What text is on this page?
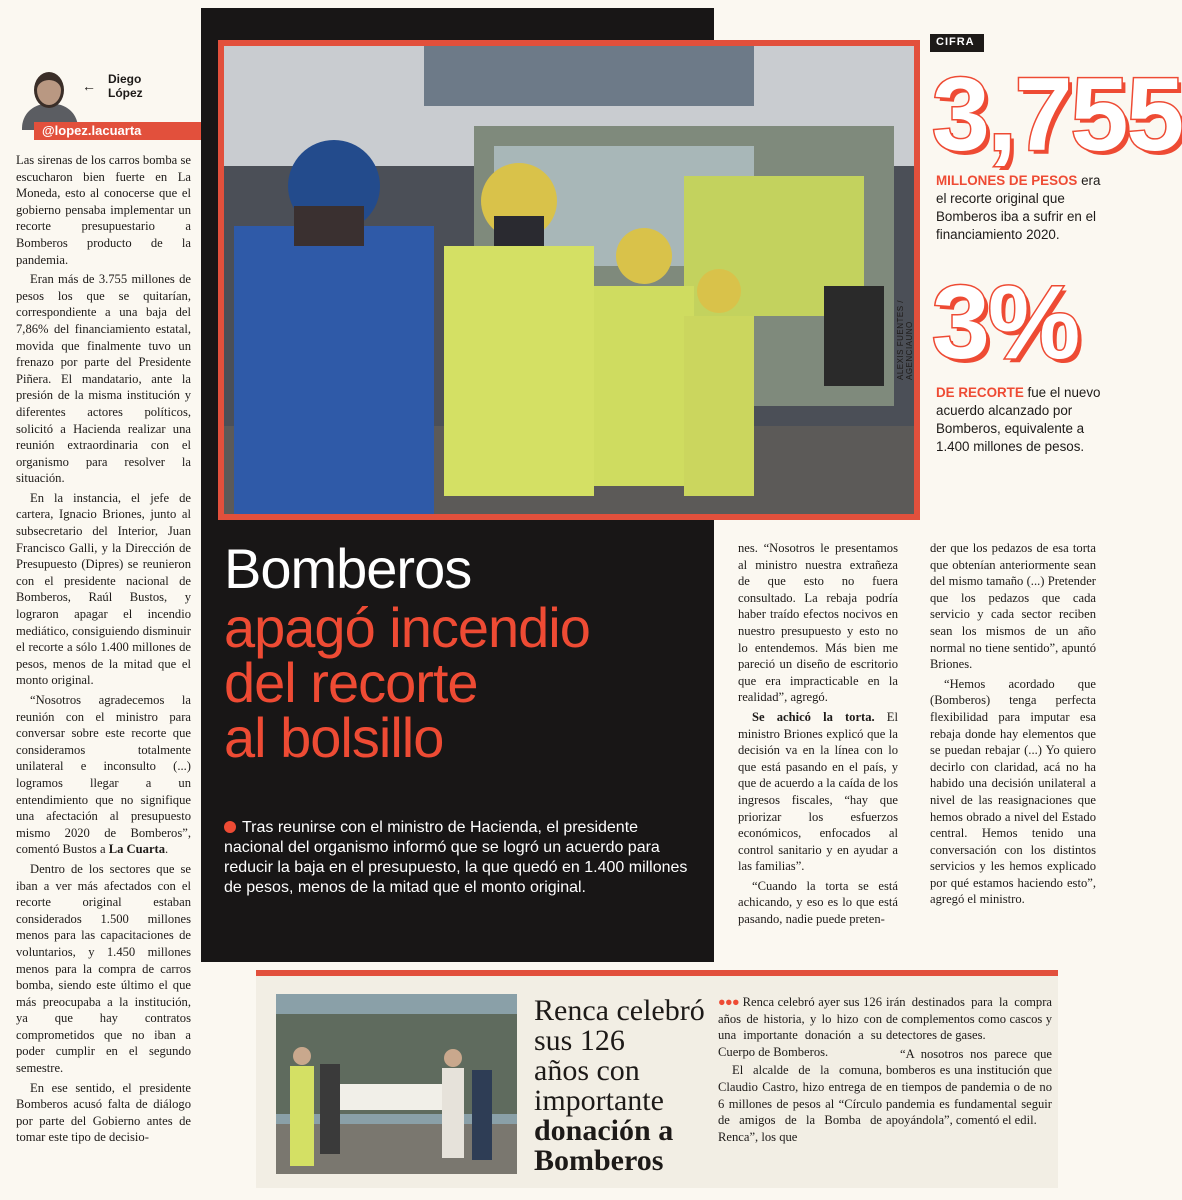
← Diego
López
@lopez.lacuarta

Las sirenas de los carros bomba se escucharon bien fuerte en La Moneda, esto al conocerse que el gobierno pensaba implementar un recorte presupuestario a Bomberos producto de la pandemia.

Eran más de 3.755 millones de pesos los que se quitarían, correspondiente a una baja del 7,86% del financiamiento estatal, movida que finalmente tuvo un frenazo por parte del Presidente Piñera. El mandatario, ante la presión de la misma institución y diferentes actores políticos, solicitó a Hacienda realizar una reunión extraordinaria con el organismo para resolver la situación.

En la instancia, el jefe de cartera, Ignacio Briones, junto al subsecretario del Interior, Juan Francisco Galli, y la Dirección de Presupuesto (Dipres) se reunieron con el presidente nacional de Bomberos, Raúl Bustos, y lograron apagar el incendio mediático, consiguiendo disminuir el recorte a sólo 1.400 millones de pesos, menos de la mitad que el monto original.

“Nosotros agradecemos la reunión con el ministro para conversar sobre este recorte que consideramos totalmente unilateral e inconsulto (...) logramos llegar a un entendimiento que no signifique una afectación al presupuesto mismo 2020 de Bomberos”, comentó Bustos a La Cuarta.

Dentro de los sectores que se iban a ver más afectados con el recorte original estaban considerados 1.500 millones menos para las capacitaciones de voluntarios, y 1.450 millones menos para la compra de carros bomba, siendo este último el que más preocupaba a la institución, ya que hay contratos comprometidos que no iban a poder cumplir en el segundo semestre.

En ese sentido, el presidente Bomberos acusó falta de diálogo por parte del Gobierno antes de tomar este tipo de decisio-

ALEXIS FUENTES / AGENCIAUNO
Bomberos
apagó incendio
del recorte
al bolsillo
Tras reunirse con el ministro de Hacienda, el presidente nacional del organismo informó que se logró un acuerdo para reducir la baja en el presupuesto, la que quedó en 1.400 millones de pesos, menos de la mitad que el monto original.

nes. “Nosotros le presentamos al ministro nuestra extrañeza de que esto no fuera consultado. La rebaja podría haber traído efectos nocivos en nuestro presupuesto y esto no lo entendemos. Más bien me pareció un diseño de escritorio que era impracticable en la realidad”, agregó.

Se achicó la torta. El ministro Briones explicó que la decisión va en la línea con lo que está pasando en el país, y que de acuerdo a la caída de los ingresos fiscales, “hay que priorizar los esfuerzos económicos, enfocados al control sanitario y en ayudar a las familias”.

“Cuando la torta se está achicando, y eso es lo que está pasando, nadie puede preten-

der que los pedazos de esa torta que obtenían anteriormente sean del mismo tamaño (...) Pretender que los pedazos que cada servicio y cada sector reciben sean los mismos de un año normal no tiene sentido”, apuntó Briones.

“Hemos acordado que (Bomberos) tenga perfecta flexibilidad para imputar esa rebaja donde hay elementos que se puedan rebajar (...) Yo quiero decirlo con claridad, acá no ha habido una decisión unilateral a nivel de las reasignaciones que hemos obrado a nivel del Estado central. Hemos tenido una conversación con los distintos servicios y les hemos explicado por qué estamos haciendo esto”, agregó el ministro.

CIFRA
3,755
MILLONES DE PESOS era el recorte original que Bomberos iba a sufrir en el financiamiento 2020.
3%
DE RECORTE fue el nuevo acuerdo alcanzado por Bomberos, equivalente a 1.400 millones de pesos.
Renca celebró
sus 126
años con
importante
donación a
Bomberos

●●● Renca celebró ayer sus 126 años de historia, y lo hizo con una importante donación a su Cuerpo de Bomberos.

El alcalde de la comuna, Claudio Castro, hizo entrega de 6 millones de pesos al “Círculo de amigos de la Bomba de Renca”, los que

irán destinados para la compra de complementos como cascos y detectores de gases.

“A nosotros nos parece que bomberos es una institución que en tiempos de pandemia o de no pandemia es fundamental seguir apoyándola”, comentó el edil.
